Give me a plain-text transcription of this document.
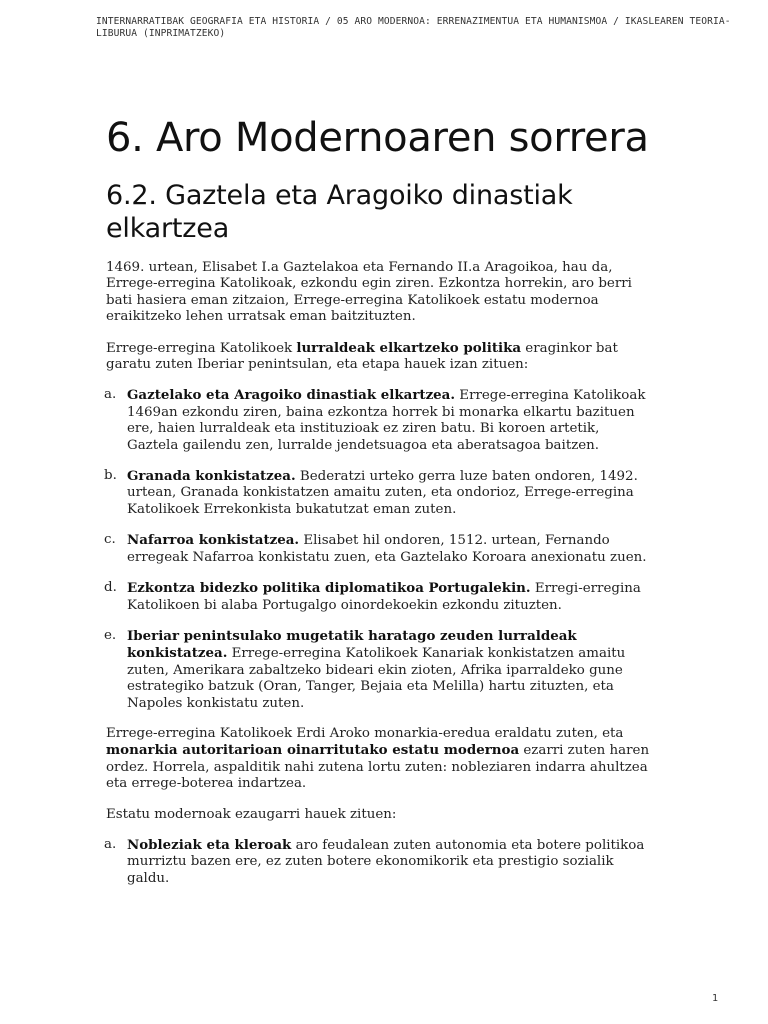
INTERNARRATIBAK GEOGRAFIA ETA HISTORIA / 05 ARO MODERNOA: ERRENAZIMENTUA ETA HUMANISMOA / IKASLEAREN TEORIA-LIBURUA (INPRIMATZEKO)
6. Aro Modernoaren sorrera
6.2. Gaztela eta Aragoiko dinastiak elkartzea

1469. urtean, Elisabet I.a Gaztelakoa eta Fernando II.a Aragoikoa, hau da, Errege-erregina Katolikoak, ezkondu egin ziren. Ezkontza horrekin, aro berri bati hasiera eman zitzaion, Errege-erregina Katolikoek estatu modernoa eraikitzeko lehen urratsak eman baitzituzten.

Errege-erregina Katolikoek lurraldeak elkartzeko politika eraginkor bat garatu zuten Iberiar penintsulan, eta etapa hauek izan zituen:

a. Gaztelako eta Aragoiko dinastiak elkartzea. Errege-erregina Katolikoak 1469an ezkondu ziren, baina ezkontza horrek bi monarka elkartu bazituen ere, haien lurraldeak eta instituzioak ez ziren batu. Bi koroen artetik, Gaztela gailendu zen, lurralde jendetsuagoa eta aberatsagoa baitzen.
b. Granada konkistatzea. Bederatzi urteko gerra luze baten ondoren, 1492. urtean, Granada konkistatzen amaitu zuten, eta ondorioz, Errege-erregina Katolikoek Errekonkista bukatutzat eman zuten.
c. Nafarroa konkistatzea. Elisabet hil ondoren, 1512. urtean, Fernando erregeak Nafarroa konkistatu zuen, eta Gaztelako Koroara anexionatu zuen.
d. Ezkontza bidezko politika diplomatikoa Portugalekin. Erregi-erregina Katolikoen bi alaba Portugalgo oinordekoekin ezkondu zituzten.
e. Iberiar penintsulako mugetatik haratago zeuden lurraldeak konkistatzea. Errege-erregina Katolikoek Kanariak konkistatzen amaitu zuten, Amerikara zabaltzeko bideari ekin zioten, Afrika iparraldeko gune estrategiko batzuk (Oran, Tanger, Bejaia eta Melilla) hartu zituzten, eta Napoles konkistatu zuten.

Errege-erregina Katolikoek Erdi Aroko monarkia-eredua eraldatu zuten, eta monarkia autoritarioan oinarritutako estatu modernoa ezarri zuten haren ordez. Horrela, aspalditik nahi zutena lortu zuten: nobleziaren indarra ahultzea eta errege-boterea indartzea.

Estatu modernoak ezaugarri hauek zituen:

a. Nobleziak eta kleroak aro feudalean zuten autonomia eta botere politikoa murriztu bazen ere, ez zuten botere ekonomikorik eta prestigio sozialik galdu.
1
